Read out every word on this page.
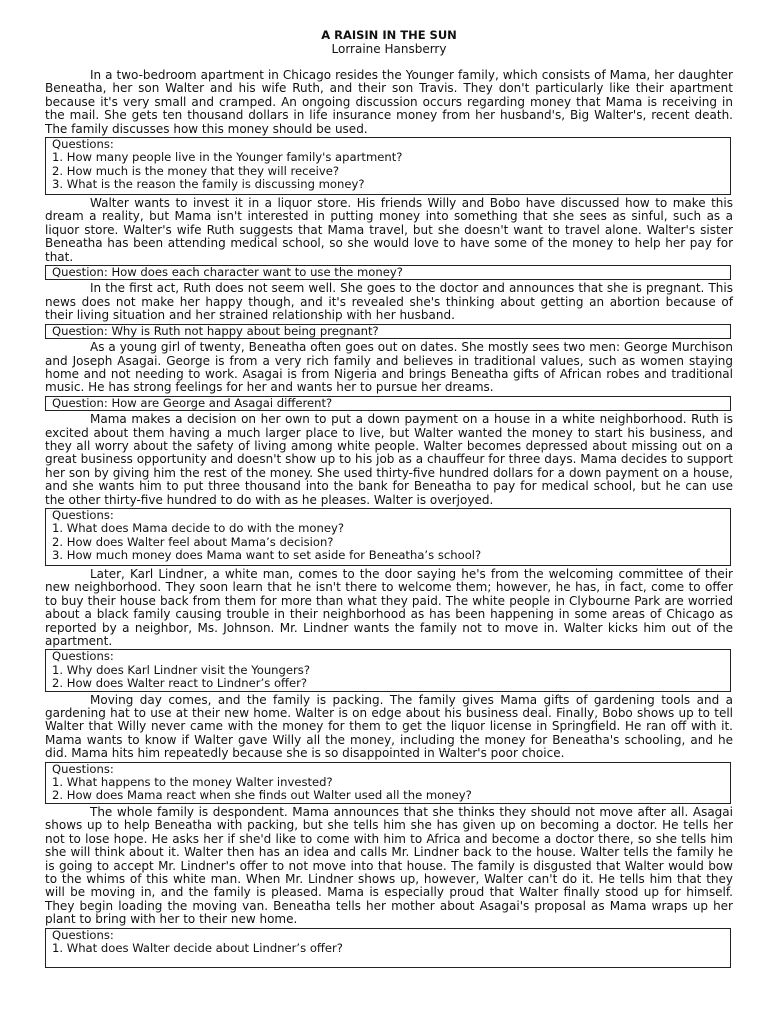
A RAISIN IN THE SUN
Lorraine Hansberry

In a two-bedroom apartment in Chicago resides the Younger family, which consists of Mama, her daughter Beneatha, her son Walter and his wife Ruth, and their son Travis. They don't particularly like their apartment because it's very small and cramped. An ongoing discussion occurs regarding money that Mama is receiving in the mail. She gets ten thousand dollars in life insurance money from her husband's, Big Walter's, recent death. The family discusses how this money should be used.

Questions:
1. How many people live in the Younger family's apartment?
2. How much is the money that they will receive?
3. What is the reason the family is discussing money?

Walter wants to invest it in a liquor store. His friends Willy and Bobo have discussed how to make this dream a reality, but Mama isn't interested in putting money into something that she sees as sinful, such as a liquor store. Walter's wife Ruth suggests that Mama travel, but she doesn't want to travel alone. Walter's sister Beneatha has been attending medical school, so she would love to have some of the money to help her pay for that.

Question: How does each character want to use the money?

In the first act, Ruth does not seem well. She goes to the doctor and announces that she is pregnant. This news does not make her happy though, and it's revealed she's thinking about getting an abortion because of their living situation and her strained relationship with her husband.

Question: Why is Ruth not happy about being pregnant?

As a young girl of twenty, Beneatha often goes out on dates. She mostly sees two men: George Murchison and Joseph Asagai. George is from a very rich family and believes in traditional values, such as women staying home and not needing to work. Asagai is from Nigeria and brings Beneatha gifts of African robes and traditional music. He has strong feelings for her and wants her to pursue her dreams.

Question: How are George and Asagai different?

Mama makes a decision on her own to put a down payment on a house in a white neighborhood. Ruth is excited about them having a much larger place to live, but Walter wanted the money to start his business, and they all worry about the safety of living among white people. Walter becomes depressed about missing out on a great business opportunity and doesn't show up to his job as a chauffeur for three days. Mama decides to support her son by giving him the rest of the money. She used thirty-five hundred dollars for a down payment on a house, and she wants him to put three thousand into the bank for Beneatha to pay for medical school, but he can use the other thirty-five hundred to do with as he pleases. Walter is overjoyed.

Questions:
1. What does Mama decide to do with the money?
2. How does Walter feel about Mama’s decision?
3. How much money does Mama want to set aside for Beneatha’s school?

Later, Karl Lindner, a white man, comes to the door saying he's from the welcoming committee of their new neighborhood. They soon learn that he isn't there to welcome them; however, he has, in fact, come to offer to buy their house back from them for more than what they paid. The white people in Clybourne Park are worried about a black family causing trouble in their neighborhood as has been happening in some areas of Chicago as reported by a neighbor, Ms. Johnson. Mr. Lindner wants the family not to move in. Walter kicks him out of the apartment.

Questions:
1. Why does Karl Lindner visit the Youngers?
2. How does Walter react to Lindner’s offer?

Moving day comes, and the family is packing. The family gives Mama gifts of gardening tools and a gardening hat to use at their new home. Walter is on edge about his business deal. Finally, Bobo shows up to tell Walter that Willy never came with the money for them to get the liquor license in Springfield. He ran off with it. Mama wants to know if Walter gave Willy all the money, including the money for Beneatha's schooling, and he did. Mama hits him repeatedly because she is so disappointed in Walter's poor choice.

Questions:
1. What happens to the money Walter invested?
2. How does Mama react when she finds out Walter used all the money?

The whole family is despondent. Mama announces that she thinks they should not move after all. Asagai shows up to help Beneatha with packing, but she tells him she has given up on becoming a doctor. He tells her not to lose hope. He asks her if she'd like to come with him to Africa and become a doctor there, so she tells him she will think about it. Walter then has an idea and calls Mr. Lindner back to the house. Walter tells the family he is going to accept Mr. Lindner's offer to not move into that house. The family is disgusted that Walter would bow to the whims of this white man. When Mr. Lindner shows up, however, Walter can't do it. He tells him that they will be moving in, and the family is pleased. Mama is especially proud that Walter finally stood up for himself. They begin loading the moving van. Beneatha tells her mother about Asagai's proposal as Mama wraps up her plant to bring with her to their new home.

Questions:
1. What does Walter decide about Lindner’s offer?
